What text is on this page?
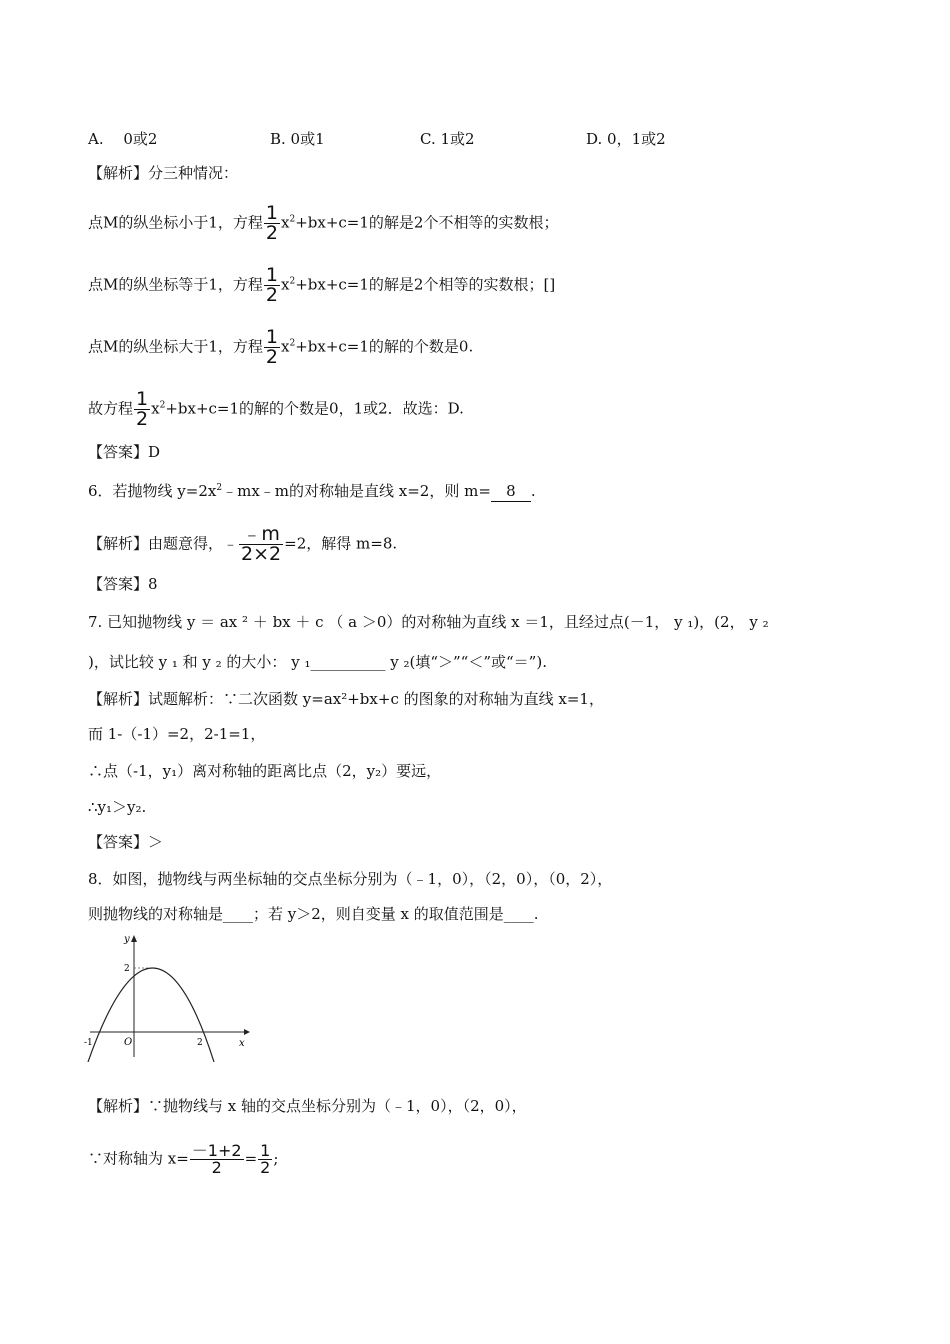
A.　 0或2	B. 0或1	C. 1或2	D. 0，1或2
【解析】分三种情况：
点M的纵坐标小于1，方程 $\frac{1}{2} x^2+bx+c=1$的解是2个不相等的实数根；
点M的纵坐标等于1，方程 $\frac{1}{2} x^2+bx+c=1$的解是2个相等的实数根；[]
点M的纵坐标大于1，方程 $\frac{1}{2} x^2+bx+c=1$的解的个数是0.
故方程 $\frac{1}{2} x^2+bx+c=1$的解的个数是0，1或2．故选：D.
【答案】D
6．若抛物线 $y=2x^2﹣mx﹣m$的对称轴是直线 x=2，则 m= 8 .
【解析】由题意得，﹣ $\frac{﹣m}{2\times 2} =2$，解得 m=8.
【答案】8
7. 已知抛物线 y ＝ ax ² ＋ bx ＋ c （ a ＞0）的对称轴为直线 x ＝1，且经过点(－1， y ₁)，(2， y ₂
)，试比较 y ₁ 和 y ₂ 的大小： y ₁__________ y ₂(填“＞”“＜”或“＝”).
【解析】试题解析：∵二次函数 y=ax²+bx+c 的图象的对称轴为直线 x=1，
而 1-（-1）=2，2-1=1，
∴点（-1，y₁）离对称轴的距离比点（2，y₂）要远，
∴y₁＞y₂.
【答案】＞
8．如图，抛物线与两坐标轴的交点坐标分别为（﹣1，0），（2，0），（0，2），
则抛物线的对称轴是____；若 y＞2，则自变量 x 的取值范围是____.
y
x
O
-1	2
2
【解析】∵抛物线与 x 轴的交点坐标分别为（﹣1，0），（2，0），
∵对称轴为 $x= \frac{-1+2}{2} = \frac{1}{2}$ ;
